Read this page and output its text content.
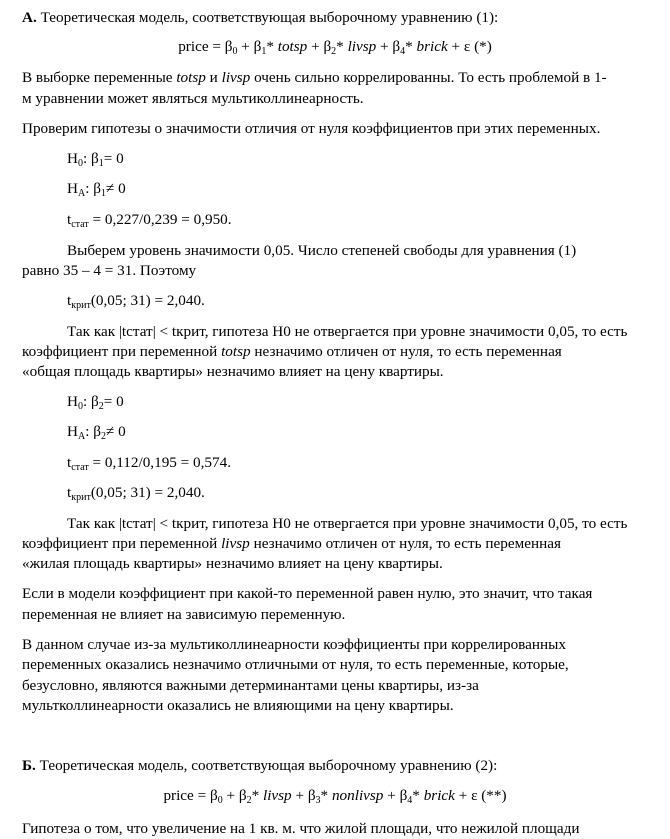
А. Теоретическая модель, соответствующая выборочному уравнению (1):
price = $\beta_0 + \beta_1*$ totsp + $\beta_2*$ livsp + $\beta_4*$ brick + ε (*)
В выборке переменные totsp и livsp очень сильно коррелированны. То есть проблемой в 1-
м уравнении может являться мультиколлинеарность.
Проверим гипотезы о значимости отличия от нуля коэффициентов при этих переменных.
$H_0$: $\beta_1= 0$
$H_A$: $\beta_1\ne 0$
$t_{стат} = 0,227/0,239 = 0,950$.
Выберем уровень значимости 0,05. Число степеней свободы для уравнения (1)
равно 35 – 4 = 31. Поэтому
$t_{крит}(0,05$; 31) = 2,040.
Так как |tстат| < tкрит, гипотеза H0 не отвергается при уровне значимости 0,05, то есть
коэффициент при переменной totsp незначимо отличен от нуля, то есть переменная
«общая площадь квартиры» незначимо влияет на цену квартиры.
$H_0$: $\beta_2= 0$
$H_A$: $\beta_2\ne 0$
$t_{стат} = 0,112/0,195 = 0,574$.
$t_{крит}(0,05$; 31) = 2,040.
Так как |tстат| < tкрит, гипотеза H0 не отвергается при уровне значимости 0,05, то есть
коэффициент при переменной livsp незначимо отличен от нуля, то есть переменная
«жилая площадь квартиры» незначимо влияет на цену квартиры.
Если в модели коэффициент при какой-то переменной равен нулю, это значит, что такая
переменная не влияет на зависимую переменную.
В данном случае из-за мультиколлинеарности коэффициенты при коррелированных
переменных оказались незначимо отличными от нуля, то есть переменные, которые,
безусловно, являются важными детерминантами цены квартиры, из-за
мультколлинеарности оказались не влияющими на цену квартиры.
Б. Теоретическая модель, соответствующая выборочному уравнению (2):
price = $\beta_0 + \beta_2*$ livsp + $\beta_3*$ nonlivsp + $\beta_4*$ brick + ε (**)
Гипотеза о том, что увеличение на 1 кв. м. что жилой площади, что нежилой площади
